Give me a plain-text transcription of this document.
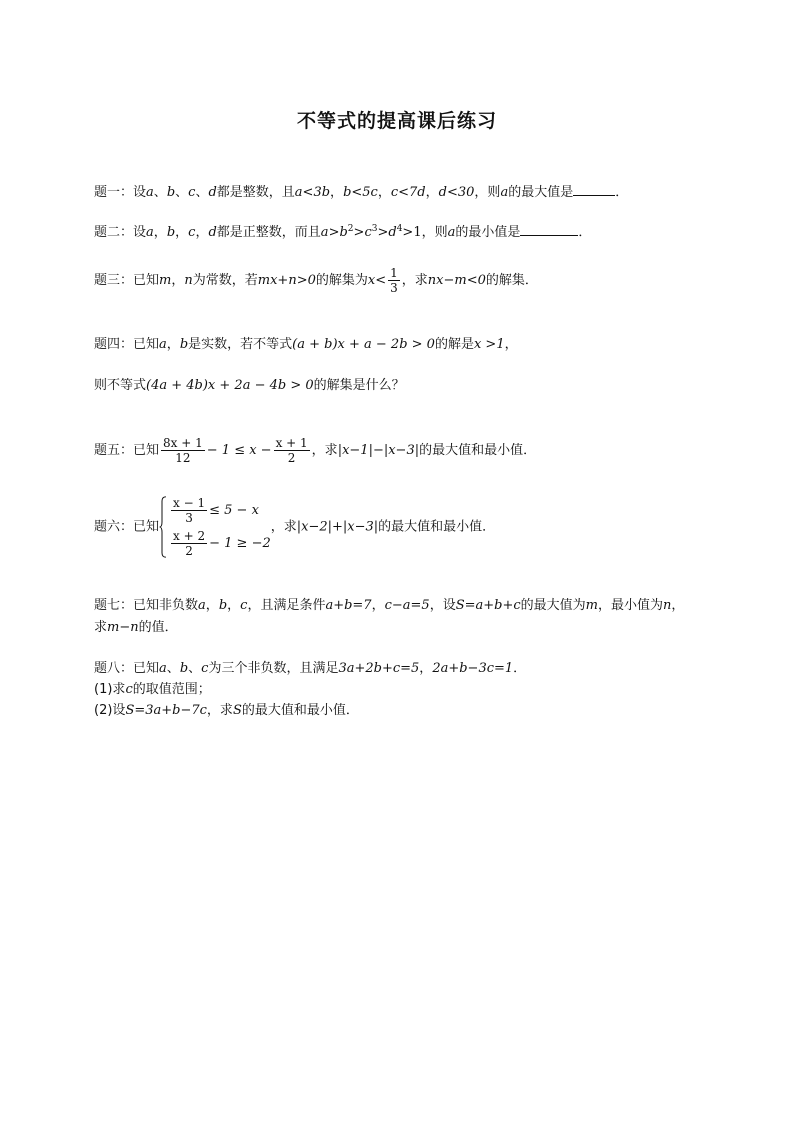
不等式的提高课后练习
题一：设a、b、c、d都是整数，且a<3b，b<5c，c<7d，d<30，则a的最大值是	．
题二：设a，b，c，d都是正整数，而且$a>b^2>c^3>d^4>1$，则a的最小值是	．
题三：已知m，n为常数，若mx+n>0的解集为$x< \frac{1}{3}$ ，求nx−m<0的解集．
题四：已知a，b是实数，若不等式(a + b)x + a − 2b > 0的解是x >1，
则不等式(4a + 4b)x + 2a − 4b > 0的解集是什么？
题五：已知 $\frac{8x + 1}{12} - 1 \le x - \frac{x + 1}{2}$ ，求|x−1|−|x−3|的最大值和最小值．
题六：已知
$\frac{x - 1}{3} \le 5 - x$
$\frac{x + 2}{2} - 1 \ge -2$
，求|x−2|+|x−3|的最大值和最小值．
题七：已知非负数a，b，c，且满足条件a+b=7，c−a=5，设S=a+b+c的最大值为m，最小值为n，
求m−n的值．
题八：已知a、b、c为三个非负数，且满足3a+2b+c=5，2a+b−3c=1．
(1)求c的取值范围；
(2)设S=3a+b−7c，求S的最大值和最小值．
